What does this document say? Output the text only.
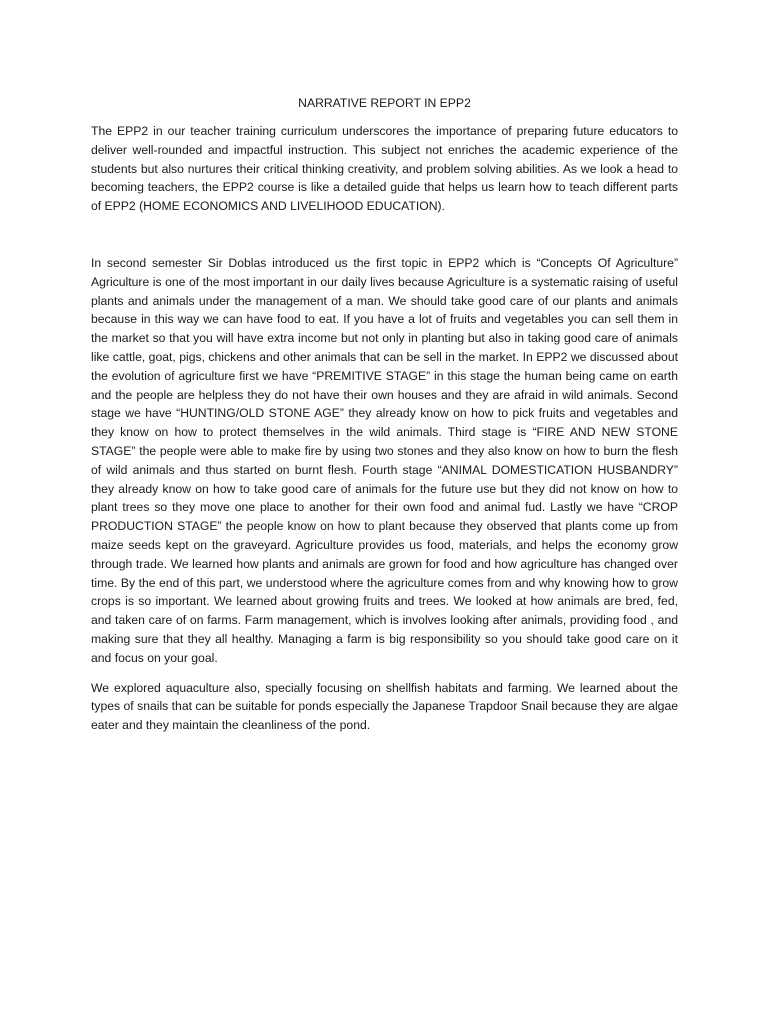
NARRATIVE REPORT IN EPP2

The EPP2 in our teacher training curriculum underscores the importance of preparing future educators to deliver well-rounded and impactful instruction. This subject not enriches the academic experience of the students but also nurtures their critical thinking creativity, and problem solving abilities. As we look a head to becoming teachers, the EPP2 course is like a detailed guide that helps us learn how to teach different parts of EPP2 (HOME ECONOMICS AND LIVELIHOOD EDUCATION).

In second semester Sir Doblas introduced us the first topic in EPP2 which is “Concepts Of Agriculture” Agriculture is one of the most important in our daily lives because Agriculture is a systematic raising of useful plants and animals under the management of a man. We should take good care of our plants and animals because in this way we can have food to eat. If you have a lot of fruits and vegetables you can sell them in the market so that you will have extra income but not only in planting but also in taking good care of animals like cattle, goat, pigs, chickens and other animals that can be sell in the market. In EPP2 we discussed about the evolution of agriculture first we have “PREMITIVE STAGE” in this stage the human being came on earth and the people are helpless they do not have their own houses and they are afraid in wild animals. Second stage we have “HUNTING/OLD STONE AGE” they already know on how to pick fruits and vegetables and they know on how to protect themselves in the wild animals. Third stage is “FIRE AND NEW STONE STAGE” the people were able to make fire by using two stones and they also know on how to burn the flesh of wild animals and thus started on burnt flesh. Fourth stage “ANIMAL DOMESTICATION HUSBANDRY” they already know on how to take good care of animals for the future use but they did not know on how to plant trees so they move one place to another for their own food and animal fud. Lastly we have “CROP PRODUCTION STAGE” the people know on how to plant because they observed that plants come up from maize seeds kept on the graveyard. Agriculture provides us food, materials, and helps the economy grow through trade. We learned how plants and animals are grown for food and how agriculture has changed over time. By the end of this part, we understood where the agriculture comes from and why knowing how to grow crops is so important. We learned about growing fruits and trees. We looked at how animals are bred, fed, and taken care of on farms. Farm management, which is involves looking after animals, providing food , and making sure that they all healthy. Managing a farm is big responsibility so you should take good care on it and focus on your goal.

We explored aquaculture also, specially focusing on shellfish habitats and farming. We learned about the types of snails that can be suitable for ponds especially the Japanese Trapdoor Snail because they are algae eater and they maintain the cleanliness of the pond.
